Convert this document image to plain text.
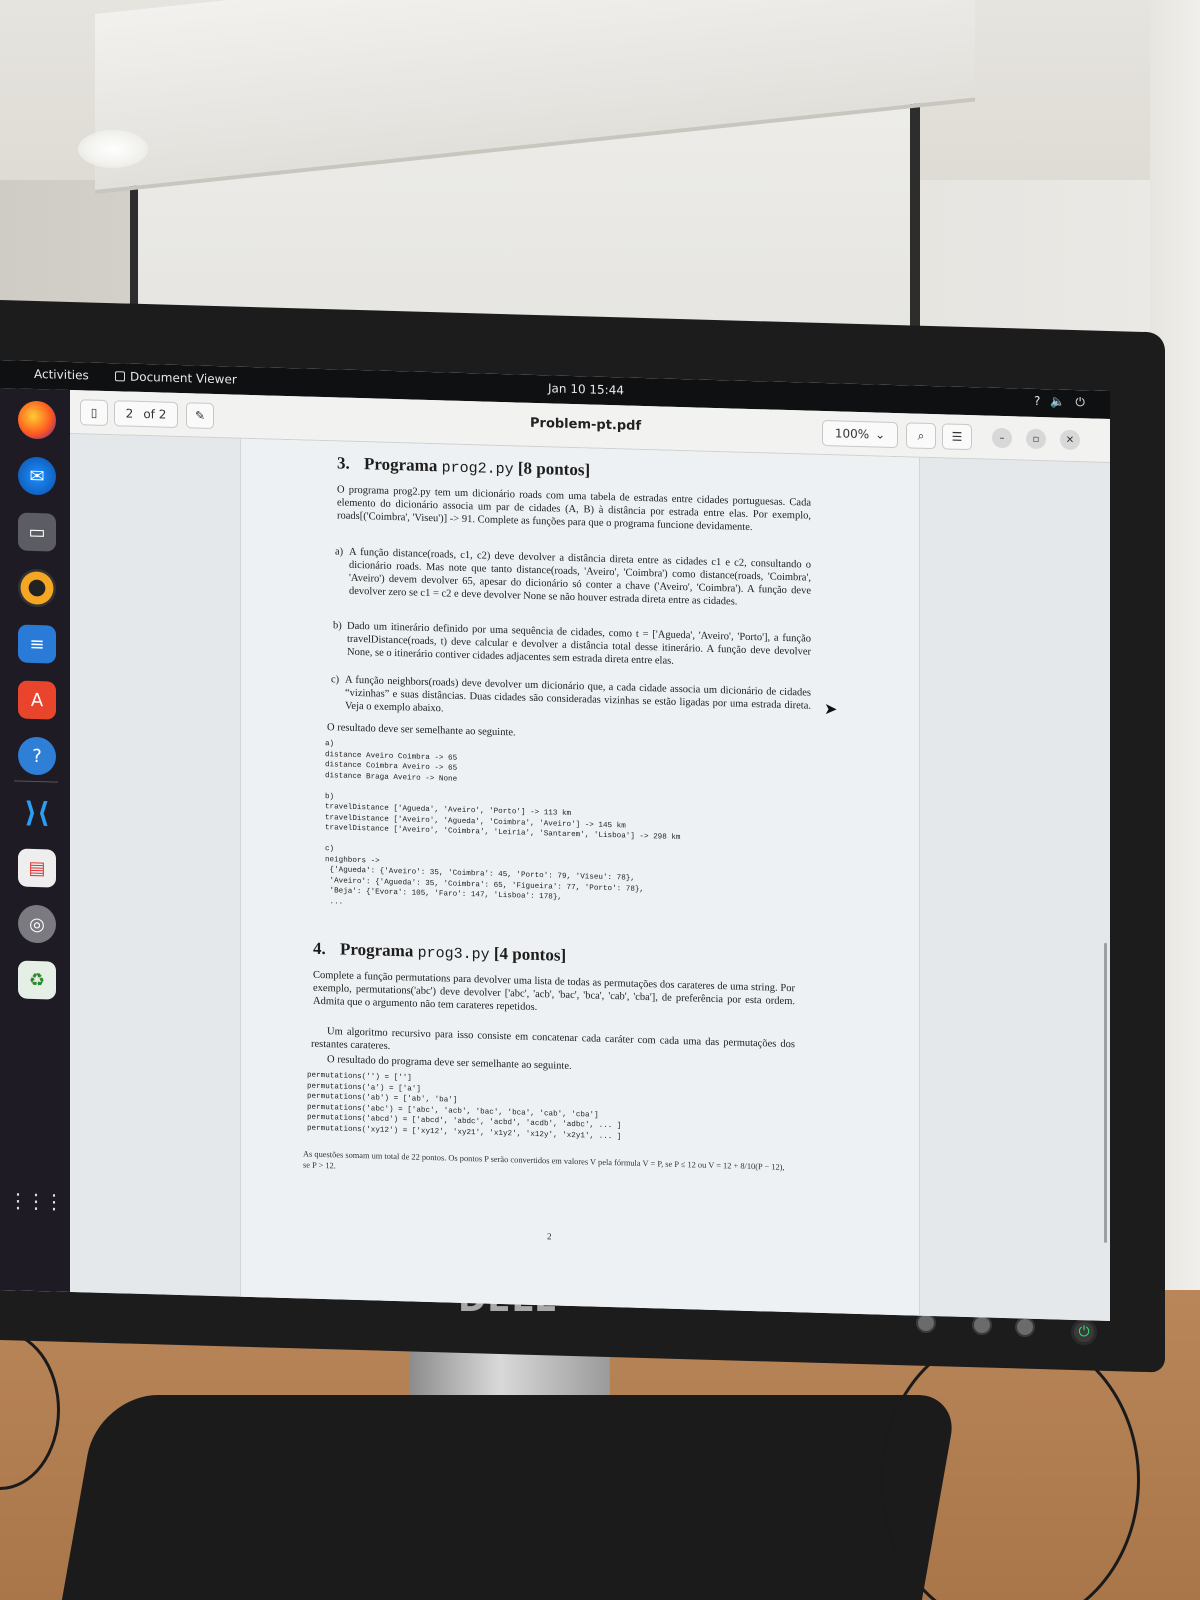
⏻
Activities	Document Viewer
Jan 10 15:44
? 🔈 ⏻
✉
▭
≡
A
?
⟩⟨
▤
◎
♻
⋮⋮⋮
▯ 2 of 2 ✎
Problem-pt.pdf	100% ⌄	⌕ ☰	–	▫	✕
3. Programa prog2.py [8 pontos]

O programa prog2.py tem um dicionário roads com uma tabela de estradas entre cidades portuguesas. Cada elemento do dicionário associa um par de cidades (A, B) à distância por estrada entre elas. Por exemplo, roads[('Coimbra', 'Viseu')] -> 91. Complete as funções para que o programa funcione devidamente.

a) A função distance(roads, c1, c2) deve devolver a distância direta entre as cidades c1 e c2, consultando o dicionário roads. Mas note que tanto distance(roads, 'Aveiro', 'Coimbra') como distance(roads, 'Coimbra', 'Aveiro') devem devolver 65, apesar do dicionário só conter a chave ('Aveiro', 'Coimbra'). A função deve devolver zero se c1 = c2 e deve devolver None se não houver estrada direta entre as cidades.
b) Dado um itinerário definido por uma sequência de cidades, como t = ['Agueda', 'Aveiro', 'Porto'], a função travelDistance(roads, t) deve calcular e devolver a distância total desse itinerário. A função deve devolver None, se o itinerário contiver cidades adjacentes sem estrada direta entre elas.
c) A função neighbors(roads) deve devolver um dicionário que, a cada cidade associa um dicionário de cidades “vizinhas” e suas distâncias. Duas cidades são consideradas vizinhas se estão ligadas por uma estrada direta. Veja o exemplo abaixo.

O resultado deve ser semelhante ao seguinte.

a)
distance Aveiro Coimbra -> 65
distance Coimbra Aveiro -> 65
distance Braga Aveiro -> None

b)
travelDistance ['Agueda', 'Aveiro', 'Porto'] -> 113 km
travelDistance ['Aveiro', 'Agueda', 'Coimbra', 'Aveiro'] -> 145 km
travelDistance ['Aveiro', 'Coimbra', 'Leiria', 'Santarem', 'Lisboa'] -> 298 km

c)
neighbors ->
{'Agueda': {'Aveiro': 35, 'Coimbra': 45, 'Porto': 79, 'Viseu': 78},
'Aveiro': {'Agueda': 35, 'Coimbra': 65, 'Figueira': 77, 'Porto': 78},
'Beja': {'Evora': 105, 'Faro': 147, 'Lisboa': 178},
...
4. Programa prog3.py [4 pontos]

Complete a função permutations para devolver uma lista de todas as permutações dos carateres de uma string. Por exemplo, permutations('abc') deve devolver ['abc', 'acb', 'bac', 'bca', 'cab', 'cba'], de preferência por esta ordem. Admita que o argumento não tem carateres repetidos.

Um algoritmo recursivo para isso consiste em concatenar cada caráter com cada uma das permutações dos restantes carateres.

O resultado do programa deve ser semelhante ao seguinte.

permutations('') = ['']
permutations('a') = ['a']
permutations('ab') = ['ab', 'ba']
permutations('abc') = ['abc', 'acb', 'bac', 'bca', 'cab', 'cba']
permutations('abcd') = ['abcd', 'abdc', 'acbd', 'acdb', 'adbc', ... ]
permutations('xy12') = ['xy12', 'xy21', 'x1y2', 'x12y', 'x2y1', ... ]
As questões somam um total de 22 pontos. Os pontos P serão convertidos em valores V pela fórmula V = P, se P ≤ 12 ou V = 12 + 8/10(P − 12), se P > 12.
2
➤
